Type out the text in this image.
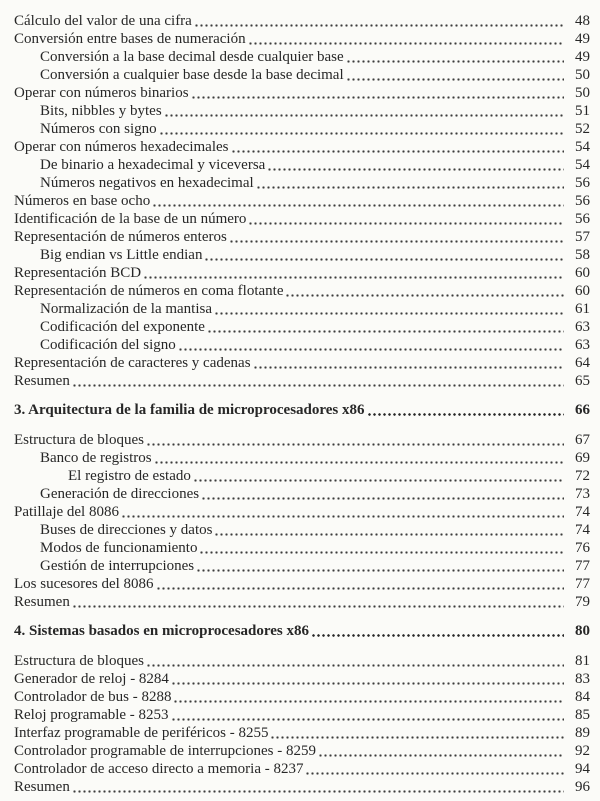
Cálculo del valor de una cifra	48
Conversión entre bases de numeración	49
Conversión a la base decimal desde cualquier base	49
Conversión a cualquier base desde la base decimal	50
Operar con números binarios	50
Bits, nibbles y bytes	51
Números con signo	52
Operar con números hexadecimales	54
De binario a hexadecimal y viceversa	54
Números negativos en hexadecimal	56
Números en base ocho	56
Identificación de la base de un número	56
Representación de números enteros	57
Big endian vs Little endian	58
Representación BCD	60
Representación de números en coma flotante	60
Normalización de la mantisa	61
Codificación del exponente	63
Codificación del signo	63
Representación de caracteres y cadenas	64
Resumen	65
3. Arquitectura de la familia de microprocesadores x86	66
Estructura de bloques	67
Banco de registros	69
El registro de estado	72
Generación de direcciones	73
Patillaje del 8086	74
Buses de direcciones y datos	74
Modos de funcionamiento	76
Gestión de interrupciones	77
Los sucesores del 8086	77
Resumen	79
4. Sistemas basados en microprocesadores x86	80
Estructura de bloques	81
Generador de reloj - 8284	83
Controlador de bus - 8288	84
Reloj programable - 8253	85
Interfaz programable de periféricos - 8255	89
Controlador programable de interrupciones - 8259	92
Controlador de acceso directo a memoria - 8237	94
Resumen	96
